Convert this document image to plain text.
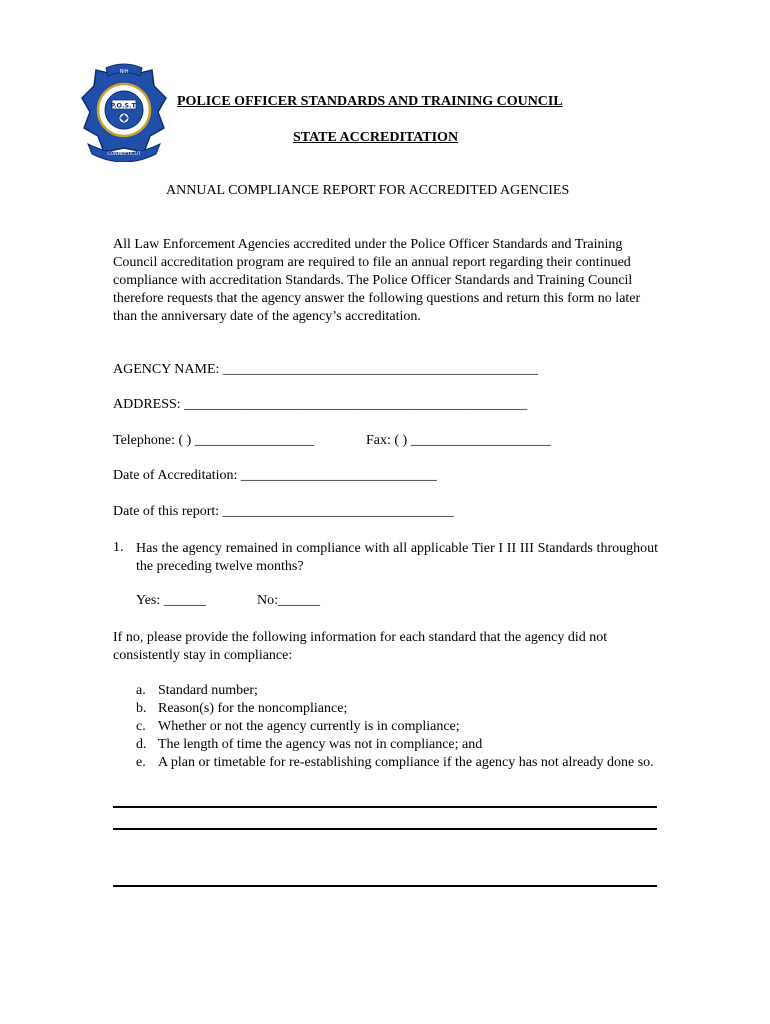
P.O.S.T.
NIH
CONNECTICUT
POLICE OFFICER STANDARDS AND TRAINING COUNCIL
STATE ACCREDITATION
ANNUAL COMPLIANCE REPORT FOR ACCREDITED AGENCIES
All Law Enforcement Agencies accredited under the Police Officer Standards and Training Council accreditation program are required to file an annual report regarding their continued compliance with accreditation Standards. The Police Officer Standards and Training Council therefore requests that the agency answer the following questions and return this form no later than the anniversary date of the agency’s accreditation.
AGENCY NAME: _____________________________________________
ADDRESS: _________________________________________________
Telephone: ( ) _________________	Fax: ( ) ____________________
Date of Accreditation: ____________________________
Date of this report: _________________________________
1. Has the agency remained in compliance with all applicable Tier I II III Standards throughout the preceding twelve months?
Yes: ______	No:______
If no, please provide the following information for each standard that the agency did not consistently stay in compliance:
a. Standard number;
b. Reason(s) for the noncompliance;
c. Whether or not the agency currently is in compliance;
d. The length of time the agency was not in compliance; and
e. A plan or timetable for re-establishing compliance if the agency has not already done so.
